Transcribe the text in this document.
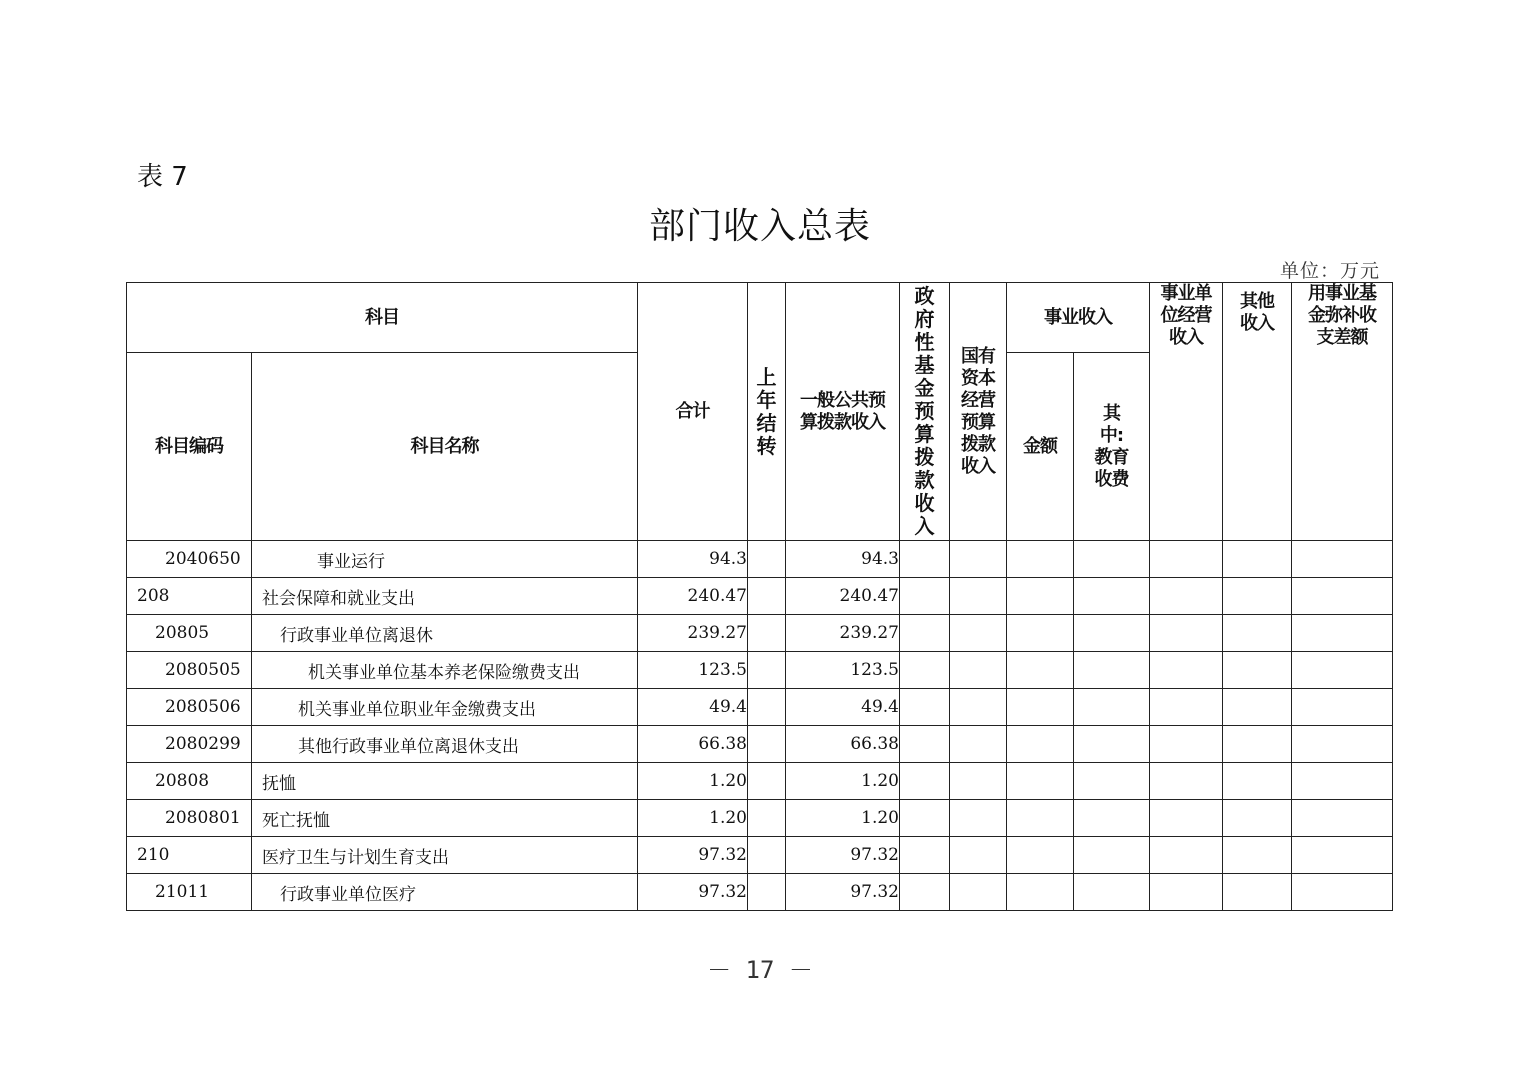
表 7
部门收入总表
单位：万元
科目		合计	上年结转	一般公共预算拨款收入	政府性基金预算拨款收入	国有资本经营预算拨款收入	事业收入		事业单位经营收入	其他收入	用事业基金弥补收支差额
科目编码	科目名称						金额	其中:教育收费			
2040650	事业运行	94.3		94.3							
208	社会保障和就业支出	240.47		240.47							
20805	行政事业单位离退休	239.27		239.27							
2080505	机关事业单位基本养老保险缴费支出	123.5		123.5							
2080506	机关事业单位职业年金缴费支出	49.4		49.4							
2080299	其他行政事业单位离退休支出	66.38		66.38							
20808	抚恤	1.20		1.20							
2080801	死亡抚恤	1.20		1.20							
210	医疗卫生与计划生育支出	97.32		97.32							
21011	行政事业单位医疗	97.32		97.32							
－ 17 －
